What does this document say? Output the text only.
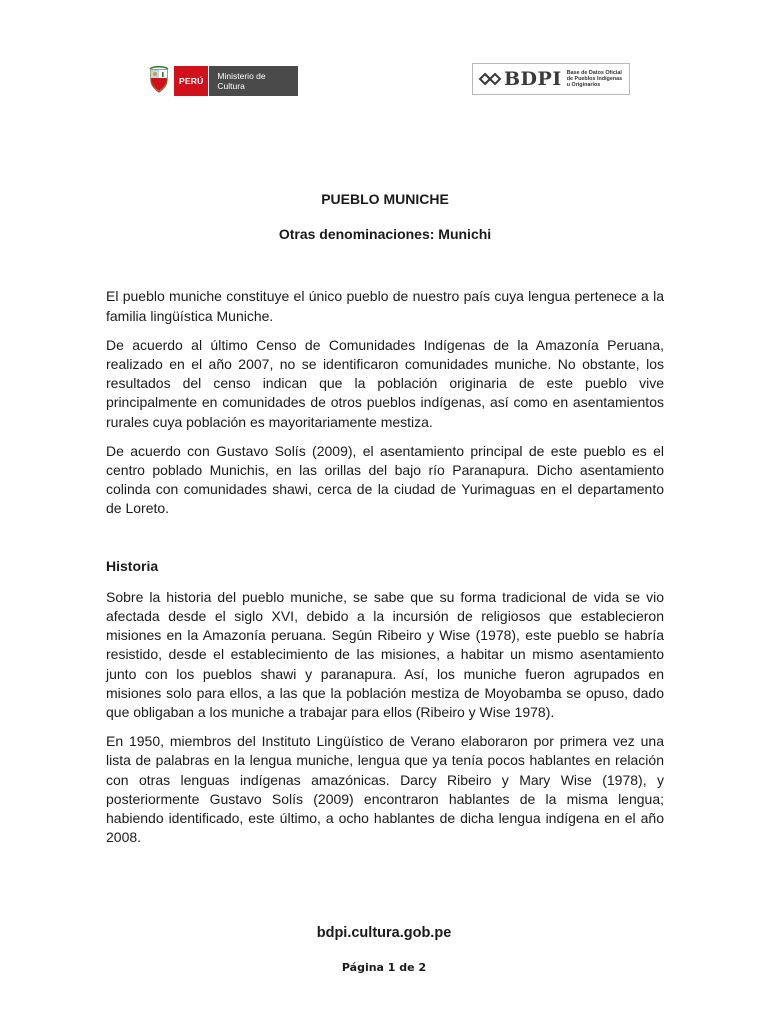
PERÚ	Ministerio de Cultura	BDPI Base de Datos Oficial
de Pueblos Indígenas
u Originarios

PUEBLO MUNICHE

Otras denominaciones: Munichi

El pueblo muniche constituye el único pueblo de nuestro país cuya lengua pertenece a la familia lingüística Muniche.

De acuerdo al último Censo de Comunidades Indígenas de la Amazonía Peruana, realizado en el año 2007, no se identificaron comunidades muniche. No obstante, los resultados del censo indican que la población originaria de este pueblo vive principalmente en comunidades de otros pueblos indígenas, así como en asentamientos rurales cuya población es mayoritariamente mestiza.

De acuerdo con Gustavo Solís (2009), el asentamiento principal de este pueblo es el centro poblado Munichis, en las orillas del bajo río Paranapura. Dicho asentamiento colinda con comunidades shawi, cerca de la ciudad de Yurimaguas en el departamento de Loreto.

Historia

Sobre la historia del pueblo muniche, se sabe que su forma tradicional de vida se vio afectada desde el siglo XVI, debido a la incursión de religiosos que establecieron misiones en la Amazonía peruana. Según Ribeiro y Wise (1978), este pueblo se habría resistido, desde el establecimiento de las misiones, a habitar un mismo asentamiento junto con los pueblos shawi y paranapura. Así, los muniche fueron agrupados en misiones solo para ellos, a las que la población mestiza de Moyobamba se opuso, dado que obligaban a los muniche a trabajar para ellos (Ribeiro y Wise 1978).

En 1950, miembros del Instituto Lingüístico de Verano elaboraron por primera vez una lista de palabras en la lengua muniche, lengua que ya tenía pocos hablantes en relación con otras lenguas indígenas amazónicas. Darcy Ribeiro y Mary Wise (1978), y posteriormente Gustavo Solís (2009) encontraron hablantes de la misma lengua; habiendo identificado, este último, a ocho hablantes de dicha lengua indígena en el año 2008.

bdpi.cultura.gob.pe
Página 1 de 2
